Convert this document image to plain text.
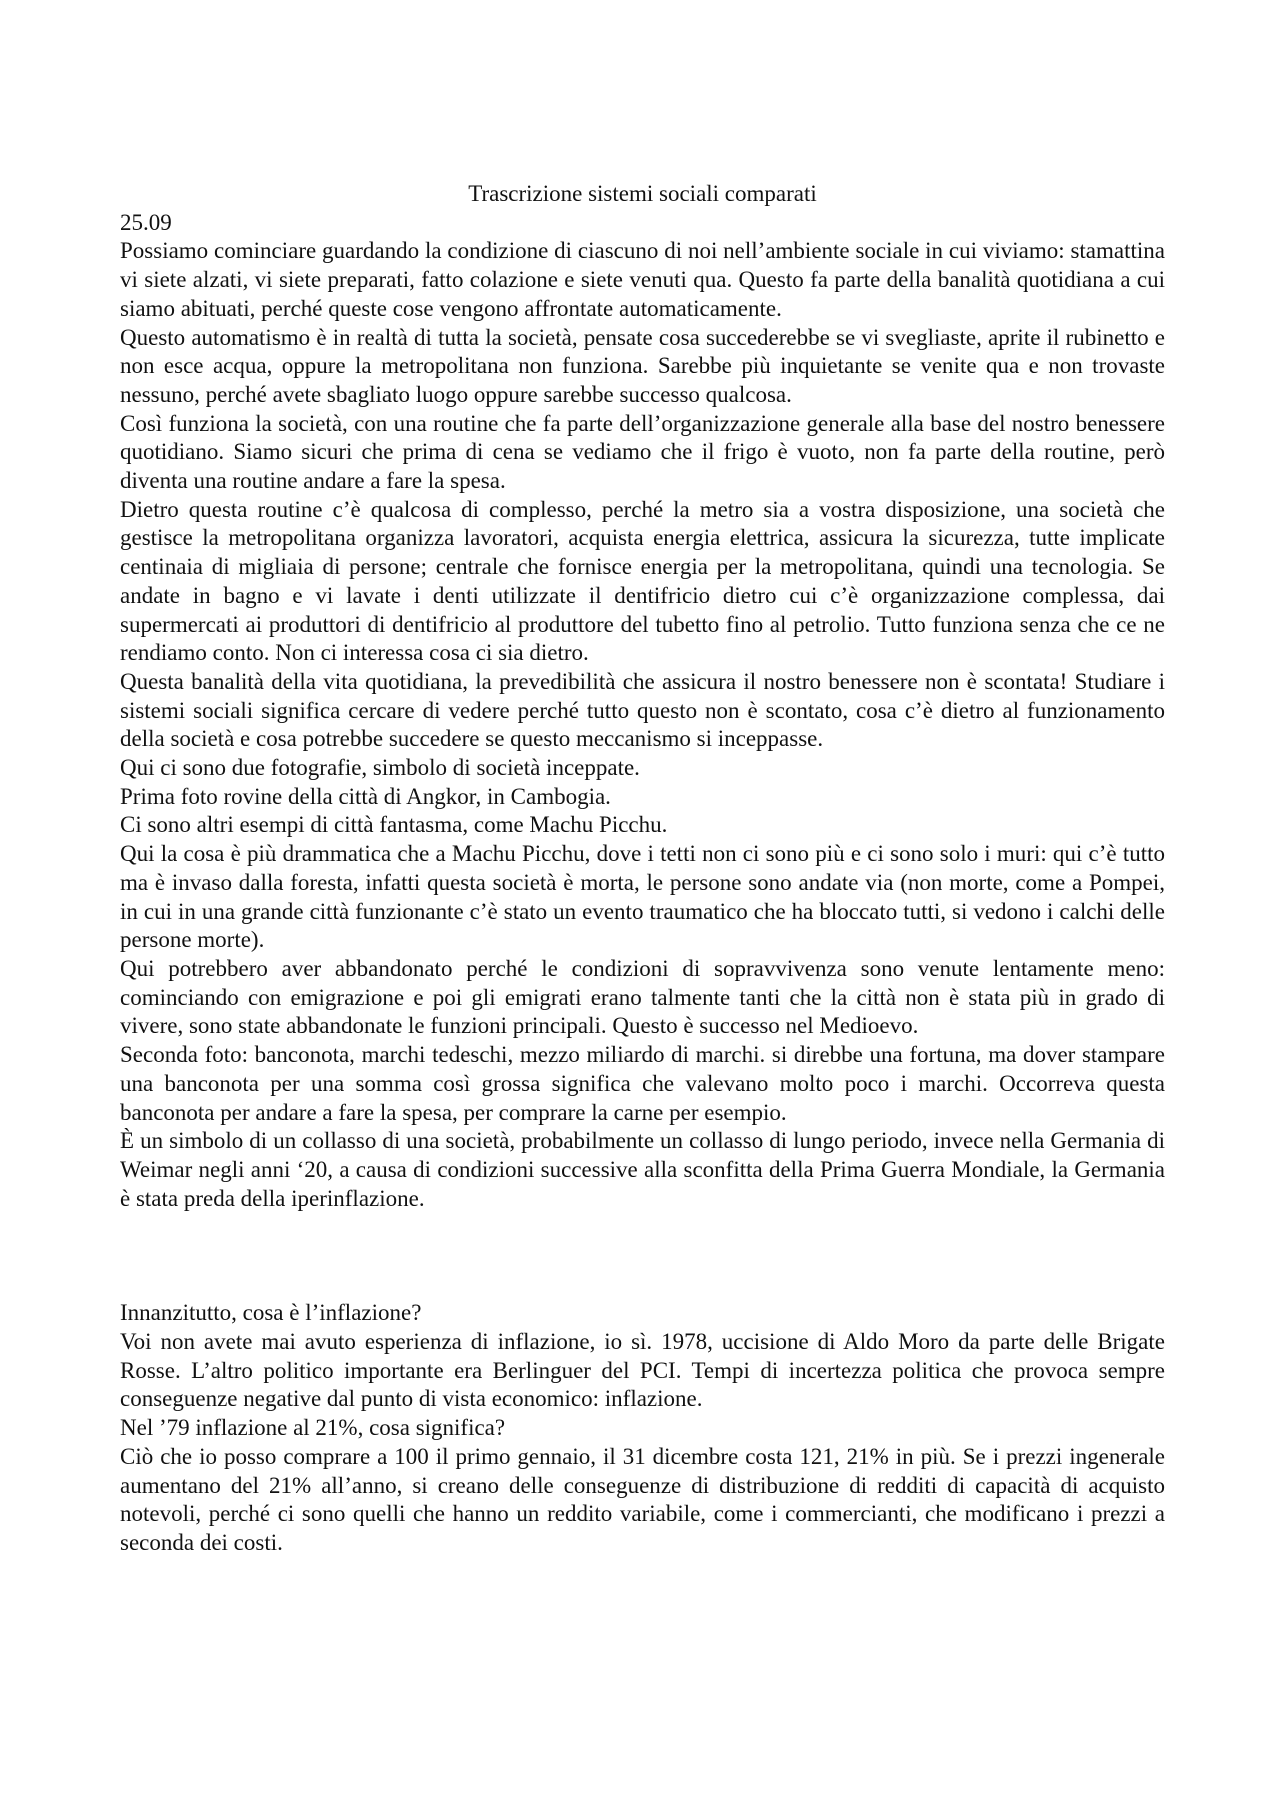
Trascrizione sistemi sociali comparati

25.09

Possiamo cominciare guardando la condizione di ciascuno di noi nell’ambiente sociale in cui viviamo: stamattina vi siete alzati, vi siete preparati, fatto colazione e siete venuti qua. Questo fa parte della banalità quotidiana a cui siamo abituati, perché queste cose vengono affrontate automaticamente.

Questo automatismo è in realtà di tutta la società, pensate cosa succederebbe se vi svegliaste, aprite il rubinetto e non esce acqua, oppure la metropolitana non funziona. Sarebbe più inquietante se venite qua e non trovaste nessuno, perché avete sbagliato luogo oppure sarebbe successo qualcosa.

Così funziona la società, con una routine che fa parte dell’organizzazione generale alla base del nostro benessere quotidiano. Siamo sicuri che prima di cena se vediamo che il frigo è vuoto, non fa parte della routine, però diventa una routine andare a fare la spesa.

Dietro questa routine c’è qualcosa di complesso, perché la metro sia a vostra disposizione, una società che gestisce la metropolitana organizza lavoratori, acquista energia elettrica, assicura la sicurezza, tutte implicate centinaia di migliaia di persone; centrale che fornisce energia per la metropolitana, quindi una tecnologia. Se andate in bagno e vi lavate i denti utilizzate il dentifricio dietro cui c’è organizzazione complessa, dai supermercati ai produttori di dentifricio al produttore del tubetto fino al petrolio. Tutto funziona senza che ce ne rendiamo conto. Non ci interessa cosa ci sia dietro.

Questa banalità della vita quotidiana, la prevedibilità che assicura il nostro benessere non è scontata! Studiare i sistemi sociali significa cercare di vedere perché tutto questo non è scontato, cosa c’è dietro al funzionamento della società e cosa potrebbe succedere se questo meccanismo si inceppasse.

Qui ci sono due fotografie, simbolo di società inceppate.

Prima foto rovine della città di Angkor, in Cambogia.

Ci sono altri esempi di città fantasma, come Machu Picchu.

Qui la cosa è più drammatica che a Machu Picchu, dove i tetti non ci sono più e ci sono solo i muri: qui c’è tutto ma è invaso dalla foresta, infatti questa società è morta, le persone sono andate via (non morte, come a Pompei, in cui in una grande città funzionante c’è stato un evento traumatico che ha bloccato tutti, si vedono i calchi delle persone morte).

Qui potrebbero aver abbandonato perché le condizioni di sopravvivenza sono venute lentamente meno: cominciando con emigrazione e poi gli emigrati erano talmente tanti che la città non è stata più in grado di vivere, sono state abbandonate le funzioni principali. Questo è successo nel Medioevo.

Seconda foto: banconota, marchi tedeschi, mezzo miliardo di marchi. si direbbe una fortuna, ma dover stampare una banconota per una somma così grossa significa che valevano molto poco i marchi. Occorreva questa banconota per andare a fare la spesa, per comprare la carne per esempio.

È un simbolo di un collasso di una società, probabilmente un collasso di lungo periodo, invece nella Germania di Weimar negli anni ‘20, a causa di condizioni successive alla sconfitta della Prima Guerra Mondiale, la Germania è stata preda della iperinflazione.

Innanzitutto, cosa è l’inflazione?

Voi non avete mai avuto esperienza di inflazione, io sì. 1978, uccisione di Aldo Moro da parte delle Brigate Rosse. L’altro politico importante era Berlinguer del PCI. Tempi di incertezza politica che provoca sempre conseguenze negative dal punto di vista economico: inflazione.

Nel ’79 inflazione al 21%, cosa significa?

Ciò che io posso comprare a 100 il primo gennaio, il 31 dicembre costa 121, 21% in più. Se i prezzi ingenerale aumentano del 21% all’anno, si creano delle conseguenze di distribuzione di redditi di capacità di acquisto notevoli, perché ci sono quelli che hanno un reddito variabile, come i commercianti, che modificano i prezzi a seconda dei costi.
